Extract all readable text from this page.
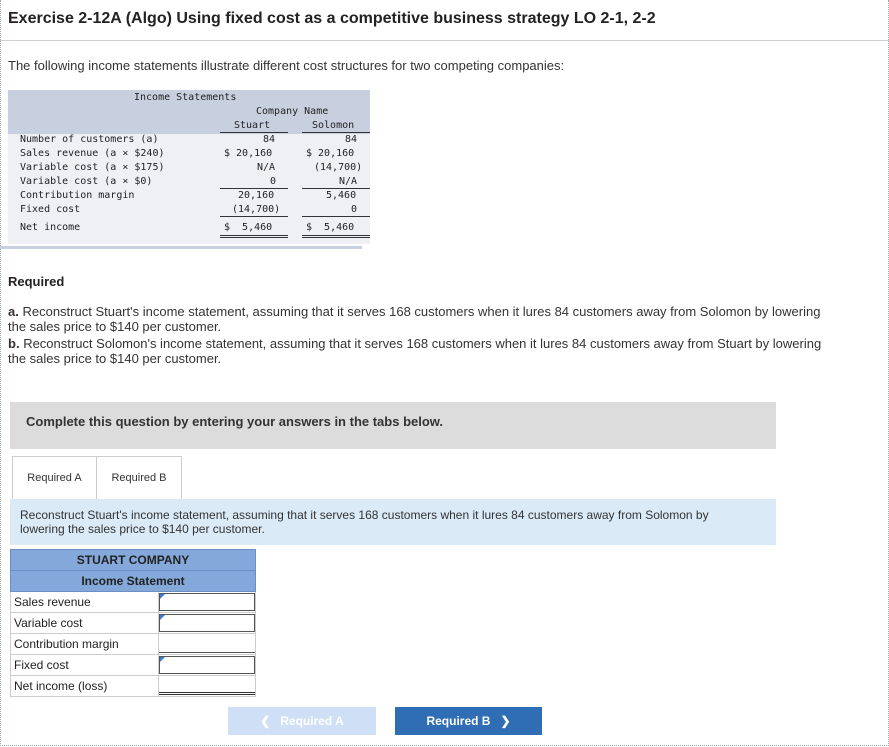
Exercise 2-12A (Algo) Using fixed cost as a competitive business strategy LO 2-1, 2-2
The following income statements illustrate different cost structures for two competing companies:
Income Statements
Company Name
Stuart	Solomon
Number of customers (a)	84	84
Sales revenue (a × $240)	$ 20,160	$ 20,160
Variable cost (a × $175)	N/A	(14,700)
Variable cost (a × $0)	0	N/A
Contribution margin	20,160	5,460
Fixed cost	(14,700)	0
Net income	$  5,460	$  5,460
Required
a. Reconstruct Stuart's income statement, assuming that it serves 168 customers when it lures 84 customers away from Solomon by lowering the sales price to $140 per customer.
b. Reconstruct Solomon's income statement, assuming that it serves 168 customers when it lures 84 customers away from Stuart by lowering the sales price to $140 per customer.
Complete this question by entering your answers in the tabs below.
Required A	Required B
Reconstruct Stuart's income statement, assuming that it serves 168 customers when it lures 84 customers away from Solomon by lowering the sales price to $140 per customer.
STUART COMPANY	
Income Statement	
Sales revenue	

Variable cost	

Contribution margin	

Fixed cost	

Net income (loss)	
❮ Required A	Required B ❯
